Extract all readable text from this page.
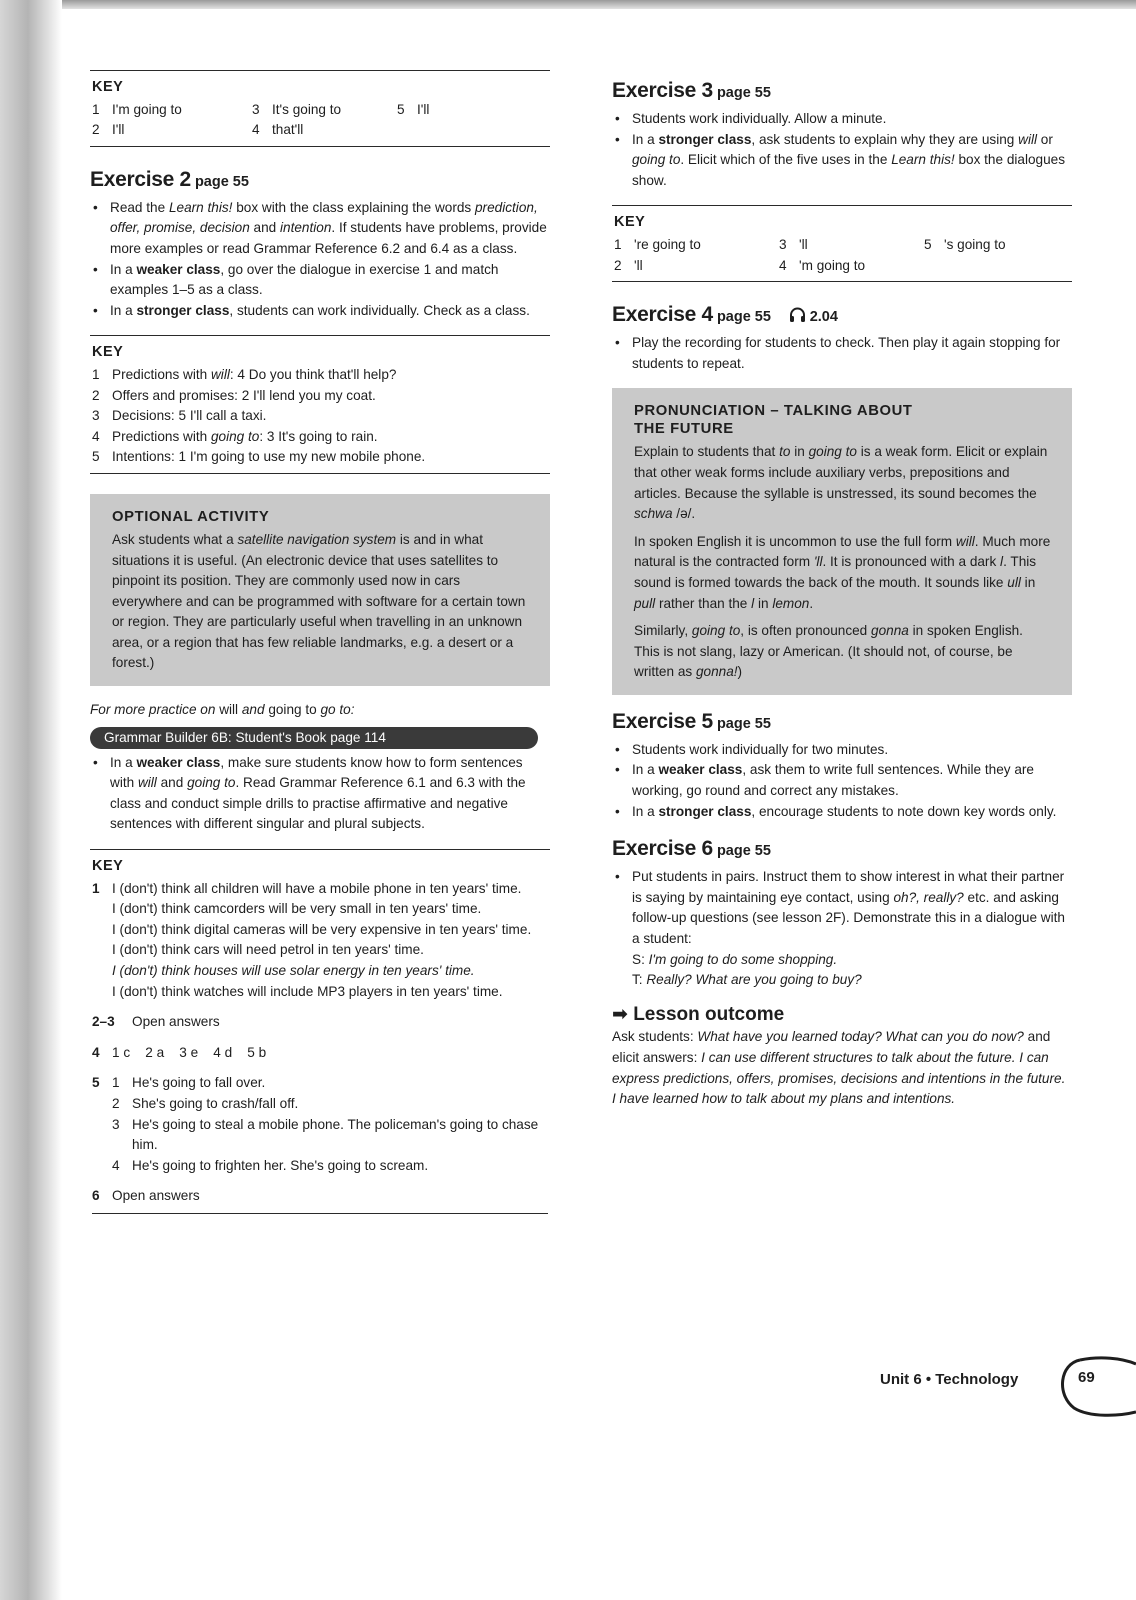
KEY
1 I'm going to	3 It's going to	5 I'll
2 I'll	4 that'll
Exercise 2 page 55
• Read the Learn this! box with the class explaining the words prediction, offer, promise, decision and intention. If students have problems, provide more examples or read Grammar Reference 6.2 and 6.4 as a class.
• In a weaker class, go over the dialogue in exercise 1 and match examples 1–5 as a class.
• In a stronger class, students can work individually. Check as a class.
KEY
1 Predictions with will: 4 Do you think that'll help?
2 Offers and promises: 2 I'll lend you my coat.
3 Decisions: 5 I'll call a taxi.
4 Predictions with going to: 3 It's going to rain.
5 Intentions: 1 I'm going to use my new mobile phone.
OPTIONAL ACTIVITY

Ask students what a satellite navigation system is and in what situations it is useful. (An electronic device that uses satellites to pinpoint its position. They are commonly used now in cars everywhere and can be programmed with software for a certain town or region. They are particularly useful when travelling in an unknown area, or a region that has few reliable landmarks, e.g. a desert or a forest.)

For more practice on will and going to go to:

Grammar Builder 6B: Student's Book page 114
• In a weaker class, make sure students know how to form sentences with will and going to. Read Grammar Reference 6.1 and 6.3 with the class and conduct simple drills to practise affirmative and negative sentences with different singular and plural subjects.
KEY
1 I (don't) think all children will have a mobile phone in ten years' time.

I (don't) think camcorders will be very small in ten years' time.

I (don't) think digital cameras will be very expensive in ten years' time.

I (don't) think cars will need petrol in ten years' time.

I (don't) think houses will use solar energy in ten years' time.

I (don't) think watches will include MP3 players in ten years' time.

2–3	Open answers
4 1 c 2 a 3 e 4 d 5 b
5 1 He's going to fall over.
2 She's going to crash/fall off.
3 He's going to steal a mobile phone. The policeman's going to chase him.
4 He's going to frighten her. She's going to scream.
6 Open answers
Exercise 3 page 55
• Students work individually. Allow a minute.
• In a stronger class, ask students to explain why they are using will or going to. Elicit which of the five uses in the Learn this! box the dialogues show.
KEY
1 're going to	3 'll	5 's going to
2 'll	4 'm going to
Exercise 4 page 55	2.04
• Play the recording for students to check. Then play it again stopping for students to repeat.
PRONUNCIATION – TALKING ABOUT
THE FUTURE

Explain to students that to in going to is a weak form. Elicit or explain that other weak forms include auxiliary verbs, prepositions and articles. Because the syllable is unstressed, its sound becomes the schwa /ə/.

In spoken English it is uncommon to use the full form will. Much more natural is the contracted form 'll. It is pronounced with a dark l. This sound is formed towards the back of the mouth. It sounds like ull in pull rather than the l in lemon.

Similarly, going to, is often pronounced gonna in spoken English. This is not slang, lazy or American. (It should not, of course, be written as gonna!)

Exercise 5 page 55
• Students work individually for two minutes.
• In a weaker class, ask them to write full sentences. While they are working, go round and correct any mistakes.
• In a stronger class, encourage students to note down key words only.
Exercise 6 page 55
• Put students in pairs. Instruct them to show interest in what their partner is saying by maintaining eye contact, using oh?, really? etc. and asking follow-up questions (see lesson 2F). Demonstrate this in a dialogue with a student:

S: I'm going to do some shopping.

T: Really? What are you going to buy?

➡ Lesson outcome

Ask students: What have you learned today? What can you do now? and elicit answers: I can use different structures to talk about the future. I can express predictions, offers, promises, decisions and intentions in the future. I have learned how to talk about my plans and intentions.

Unit 6 • Technology	69
